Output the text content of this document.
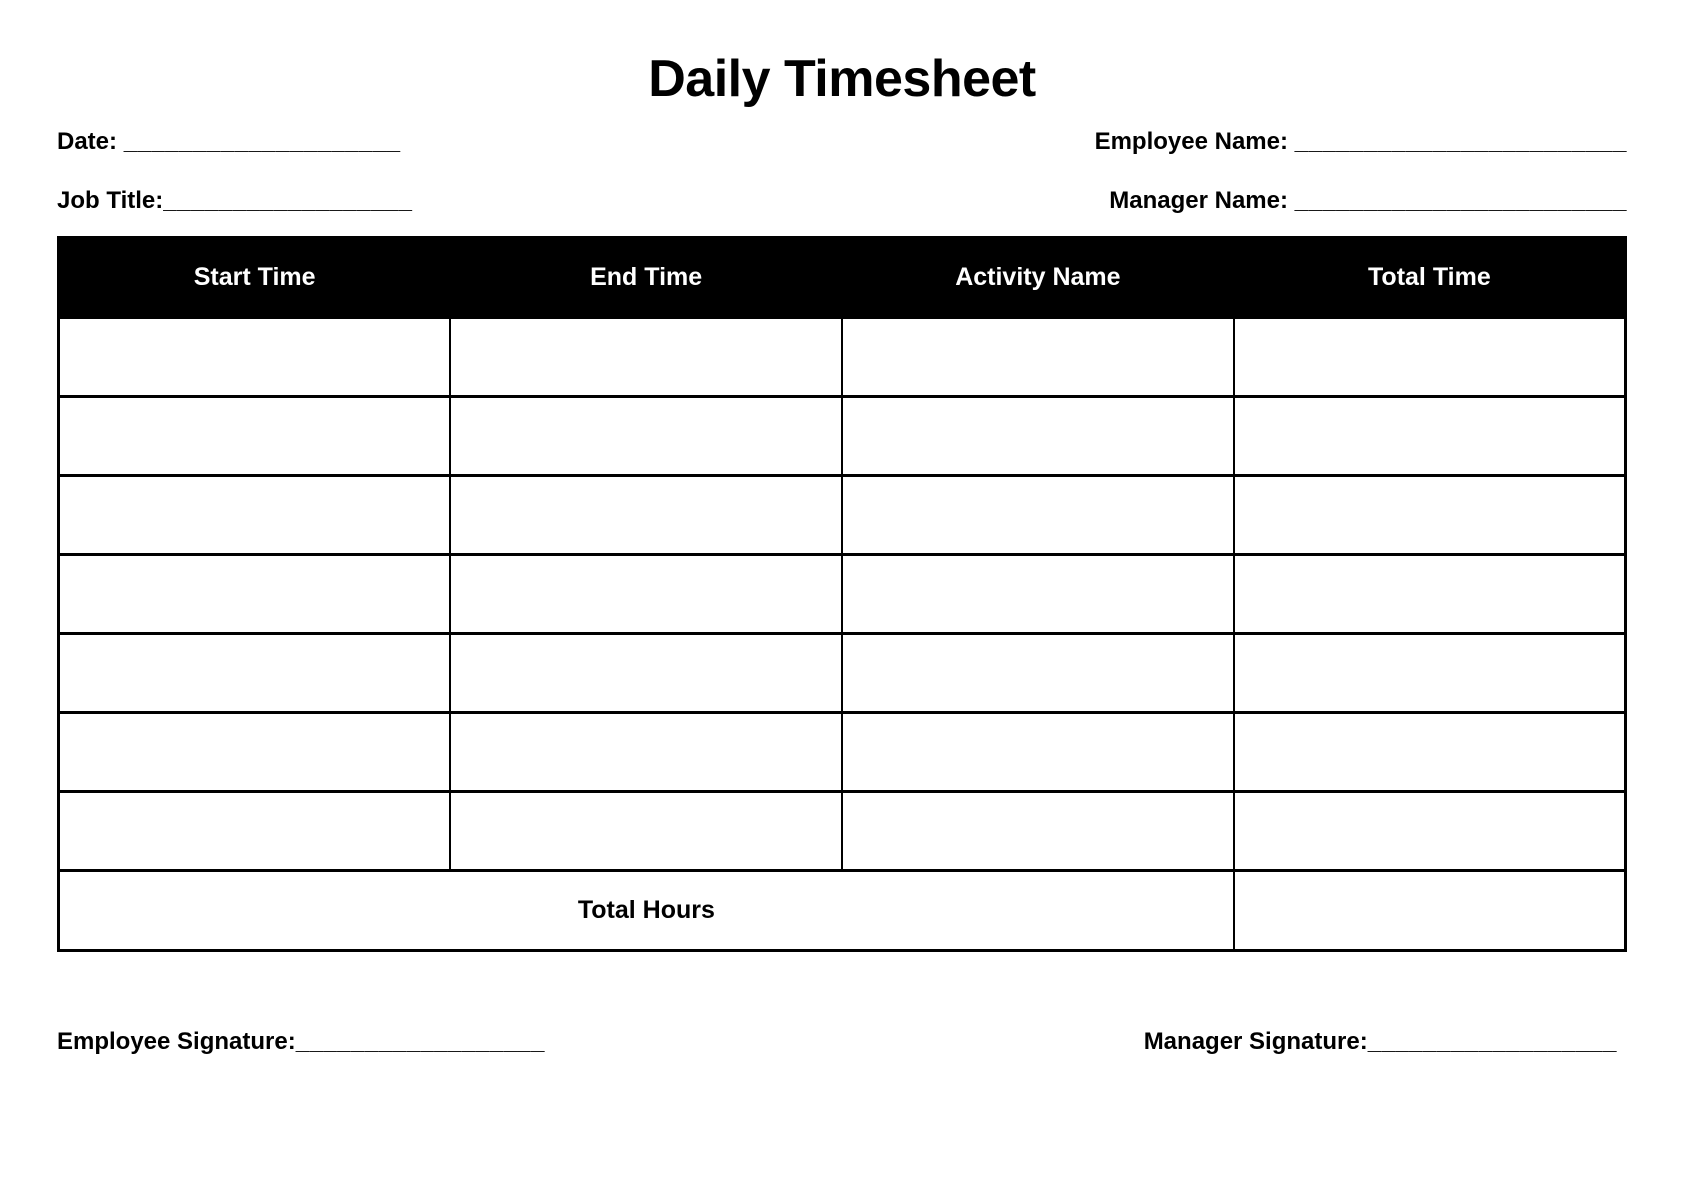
Daily Timesheet
Date: ____________________	Employee Name: ________________________
Job Title:__________________	Manager Name: ________________________
Start Time	End Time	Activity Name	Total Time

Total Hours			
Employee Signature:__________________	Manager Signature:__________________
